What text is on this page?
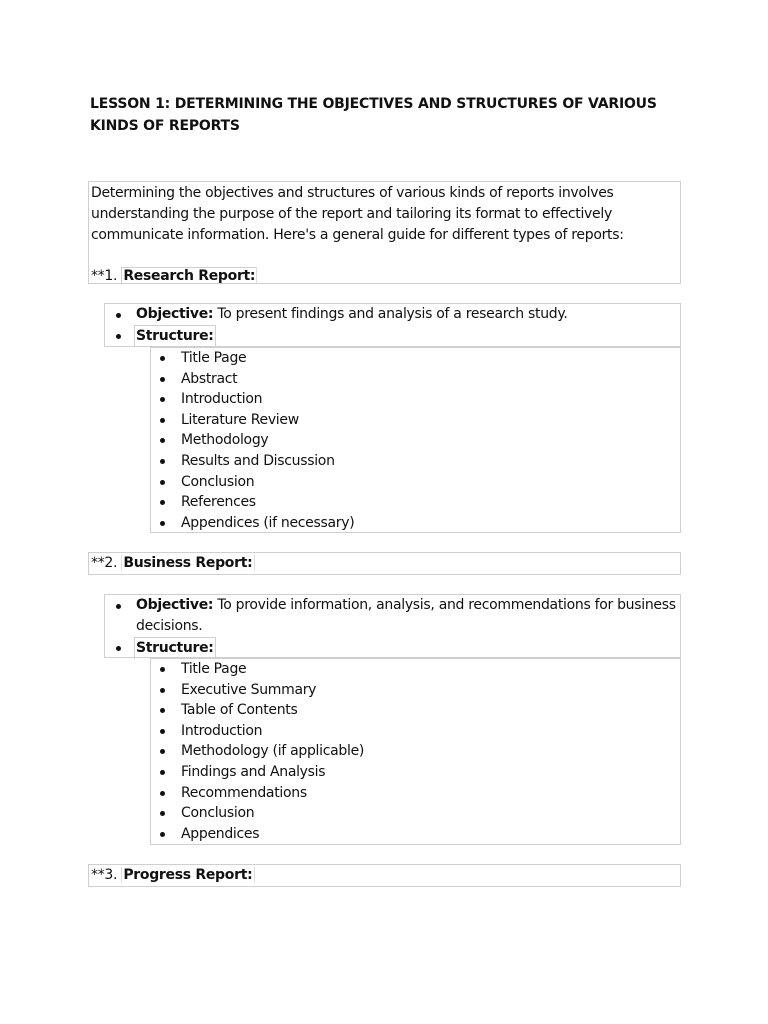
LESSON 1: DETERMINING THE OBJECTIVES AND STRUCTURES OF VARIOUS KINDS OF REPORTS

Determining the objectives and structures of various kinds of reports involves understanding the purpose of the report and tailoring its format to effectively communicate information. Here's a general guide for different types of reports:

**1. Research Report:

Objective: To present findings and analysis of a research study.
Structure:
Title Page
Abstract
Introduction
Literature Review
Methodology
Results and Discussion
Conclusion
References
Appendices (if necessary)

**2. Business Report:

Objective: To provide information, analysis, and recommendations for business decisions.
Structure:
Title Page
Executive Summary
Table of Contents
Introduction
Methodology (if applicable)
Findings and Analysis
Recommendations
Conclusion
Appendices

**3. Progress Report:
